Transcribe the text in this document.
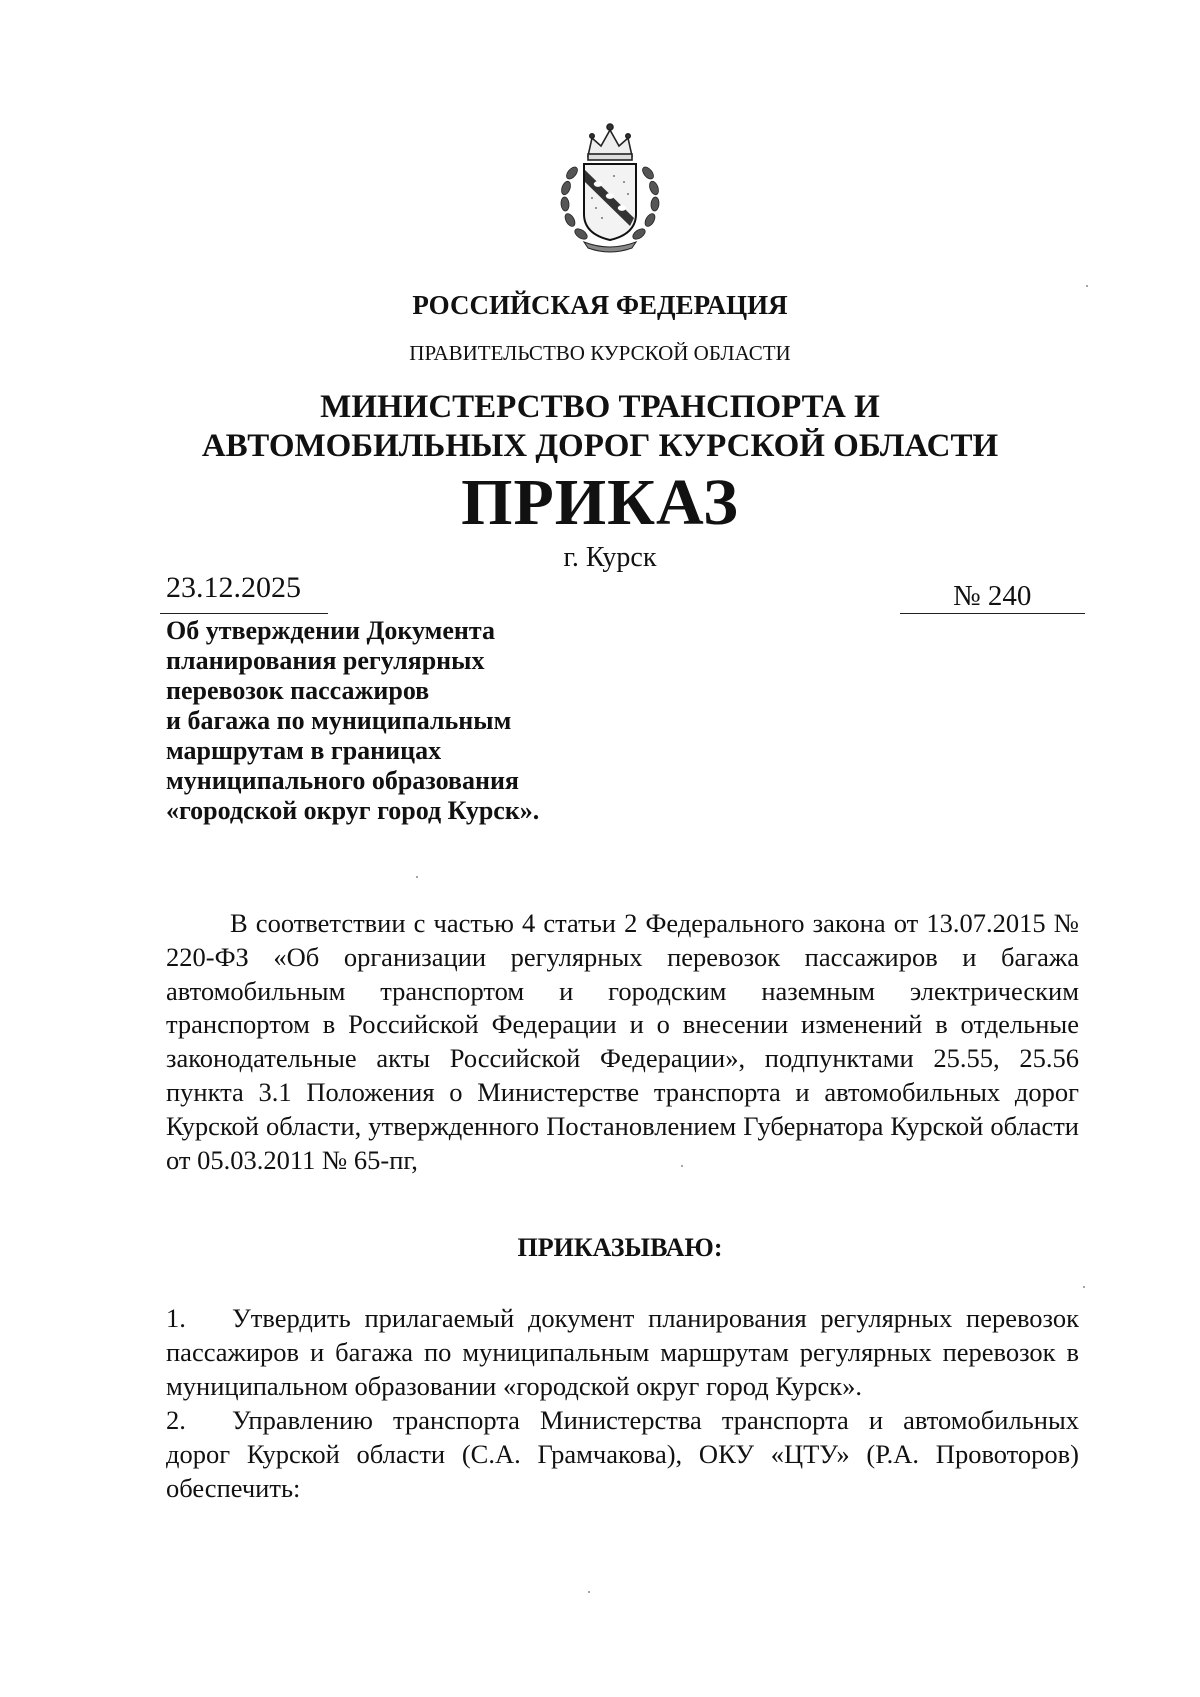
РОССИЙСКАЯ ФЕДЕРАЦИЯ
ПРАВИТЕЛЬСТВО КУРСКОЙ ОБЛАСТИ
МИНИСТЕРСТВО ТРАНСПОРТА И АВТОМОБИЛЬНЫХ ДОРОГ КУРСКОЙ ОБЛАСТИ
ПРИКАЗ
г. Курск
23.12.2025	№ 240
Об утверждении Документа
планирования регулярных
перевозок пассажиров
и багажа по муниципальным
маршрутам в границах
муниципального образования
«городской округ город Курск».
В соответствии с частью 4 статьи 2 Федерального закона от 13.07.2015 № 220-ФЗ «Об организации регулярных перевозок пассажиров и багажа автомобильным транспортом и городским наземным электрическим транспортом в Российской Федерации и о внесении изменений в отдельные законодательные акты Российской Федерации», подпунктами 25.55, 25.56 пункта 3.1 Положения о Министерстве транспорта и автомобильных дорог Курской области, утвержденного Постановлением Губернатора Курской области от 05.03.2011 № 65-пг,
ПРИКАЗЫВАЮ:
1. Утвердить прилагаемый документ планирования регулярных перевозок пассажиров и багажа по муниципальным маршрутам регулярных перевозок в муниципальном образовании «городской округ город Курск».
2. Управлению транспорта Министерства транспорта и автомобильных дорог Курской области (С.А. Грамчакова), ОКУ «ЦТУ» (Р.А. Провоторов) обеспечить:
